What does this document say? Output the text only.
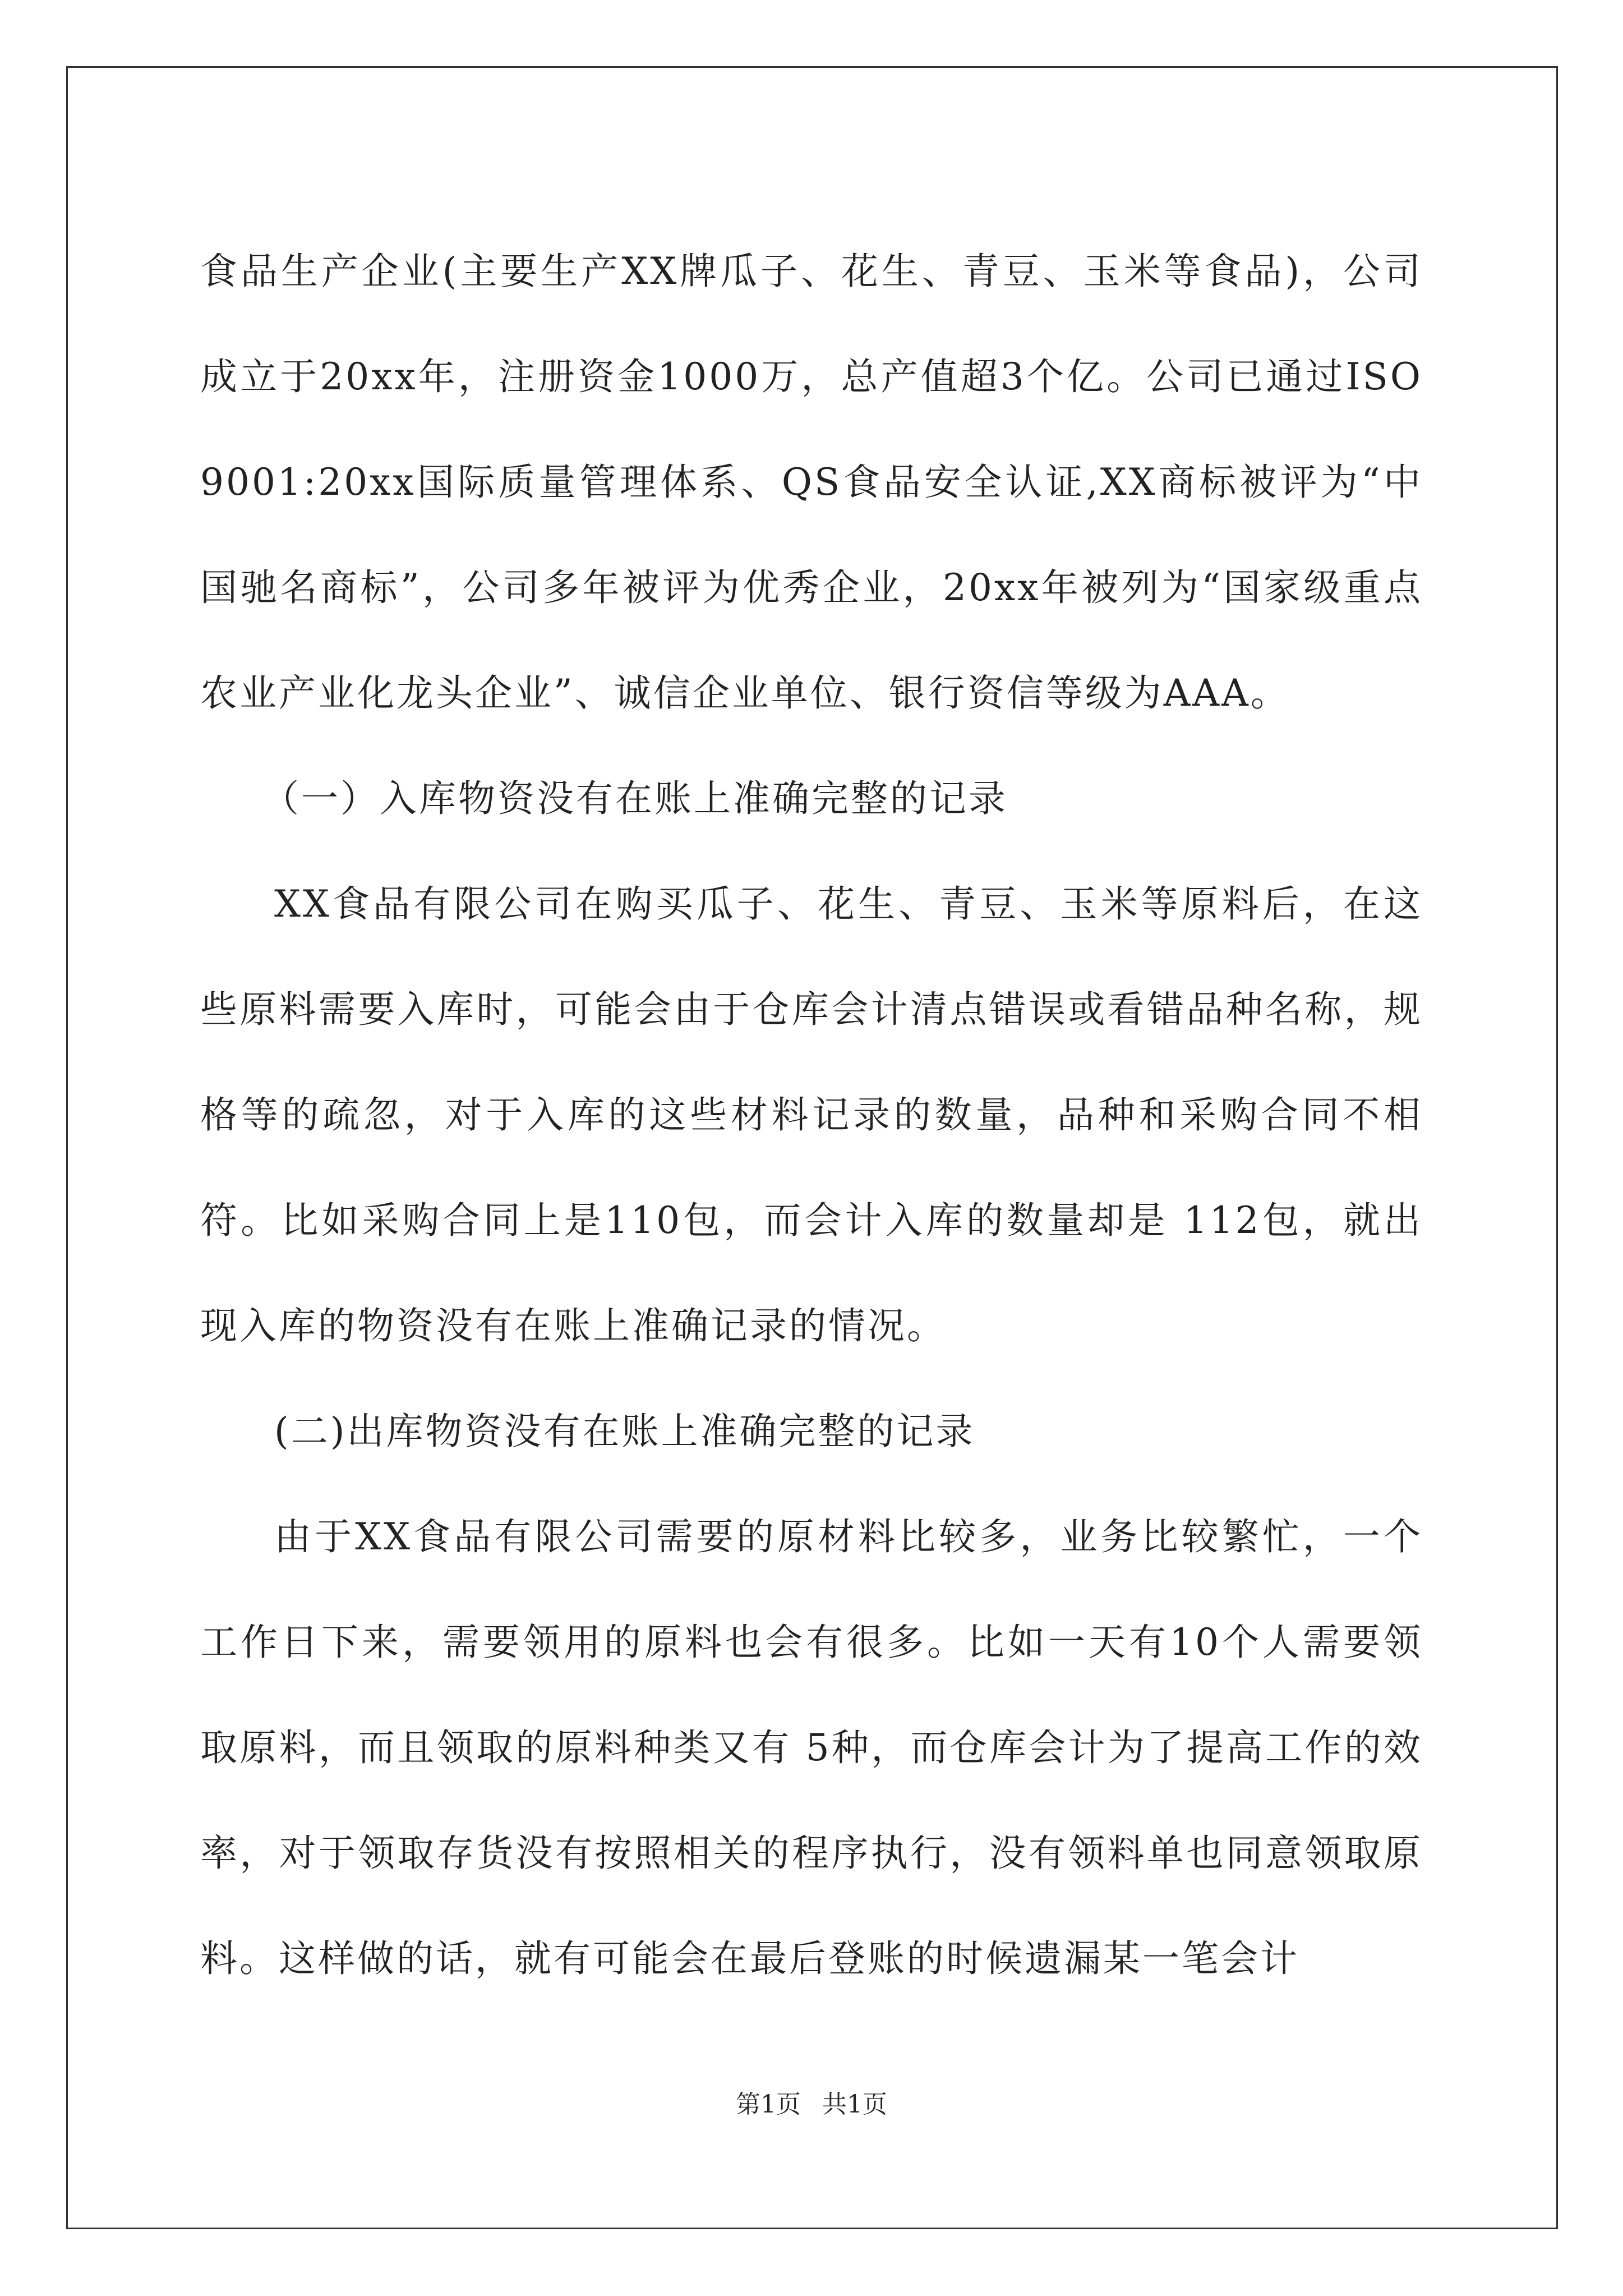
食品生产企业(主要生产XX牌瓜子、花生、青豆、玉米等食品)，公司成立于20xx年，注册资金1000万，总产值超3个亿。公司已通过ISO9001:20xx国际质量管理体系、QS食品安全认证,XX商标被评为“中国驰名商标”，公司多年被评为优秀企业，20xx年被列为“国家级重点农业产业化龙头企业”、诚信企业单位、银行资信等级为AAA。

（一）入库物资没有在账上准确完整的记录

XX食品有限公司在购买瓜子、花生、青豆、玉米等原料后，在这些原料需要入库时，可能会由于仓库会计清点错误或看错品种名称，规格等的疏忽，对于入库的这些材料记录的数量，品种和采购合同不相符。比如采购合同上是110包，而会计入库的数量却是 112包，就出现入库的物资没有在账上准确记录的情况。

(二)出库物资没有在账上准确完整的记录

由于XX食品有限公司需要的原材料比较多，业务比较繁忙，一个工作日下来，需要领用的原料也会有很多。比如一天有10个人需要领取原料，而且领取的原料种类又有 5种，而仓库会计为了提高工作的效率，对于领取存货没有按照相关的程序执行，没有领料单也同意领取原料。这样做的话，就有可能会在最后登账的时候遗漏某一笔会计

第1页 共1页
